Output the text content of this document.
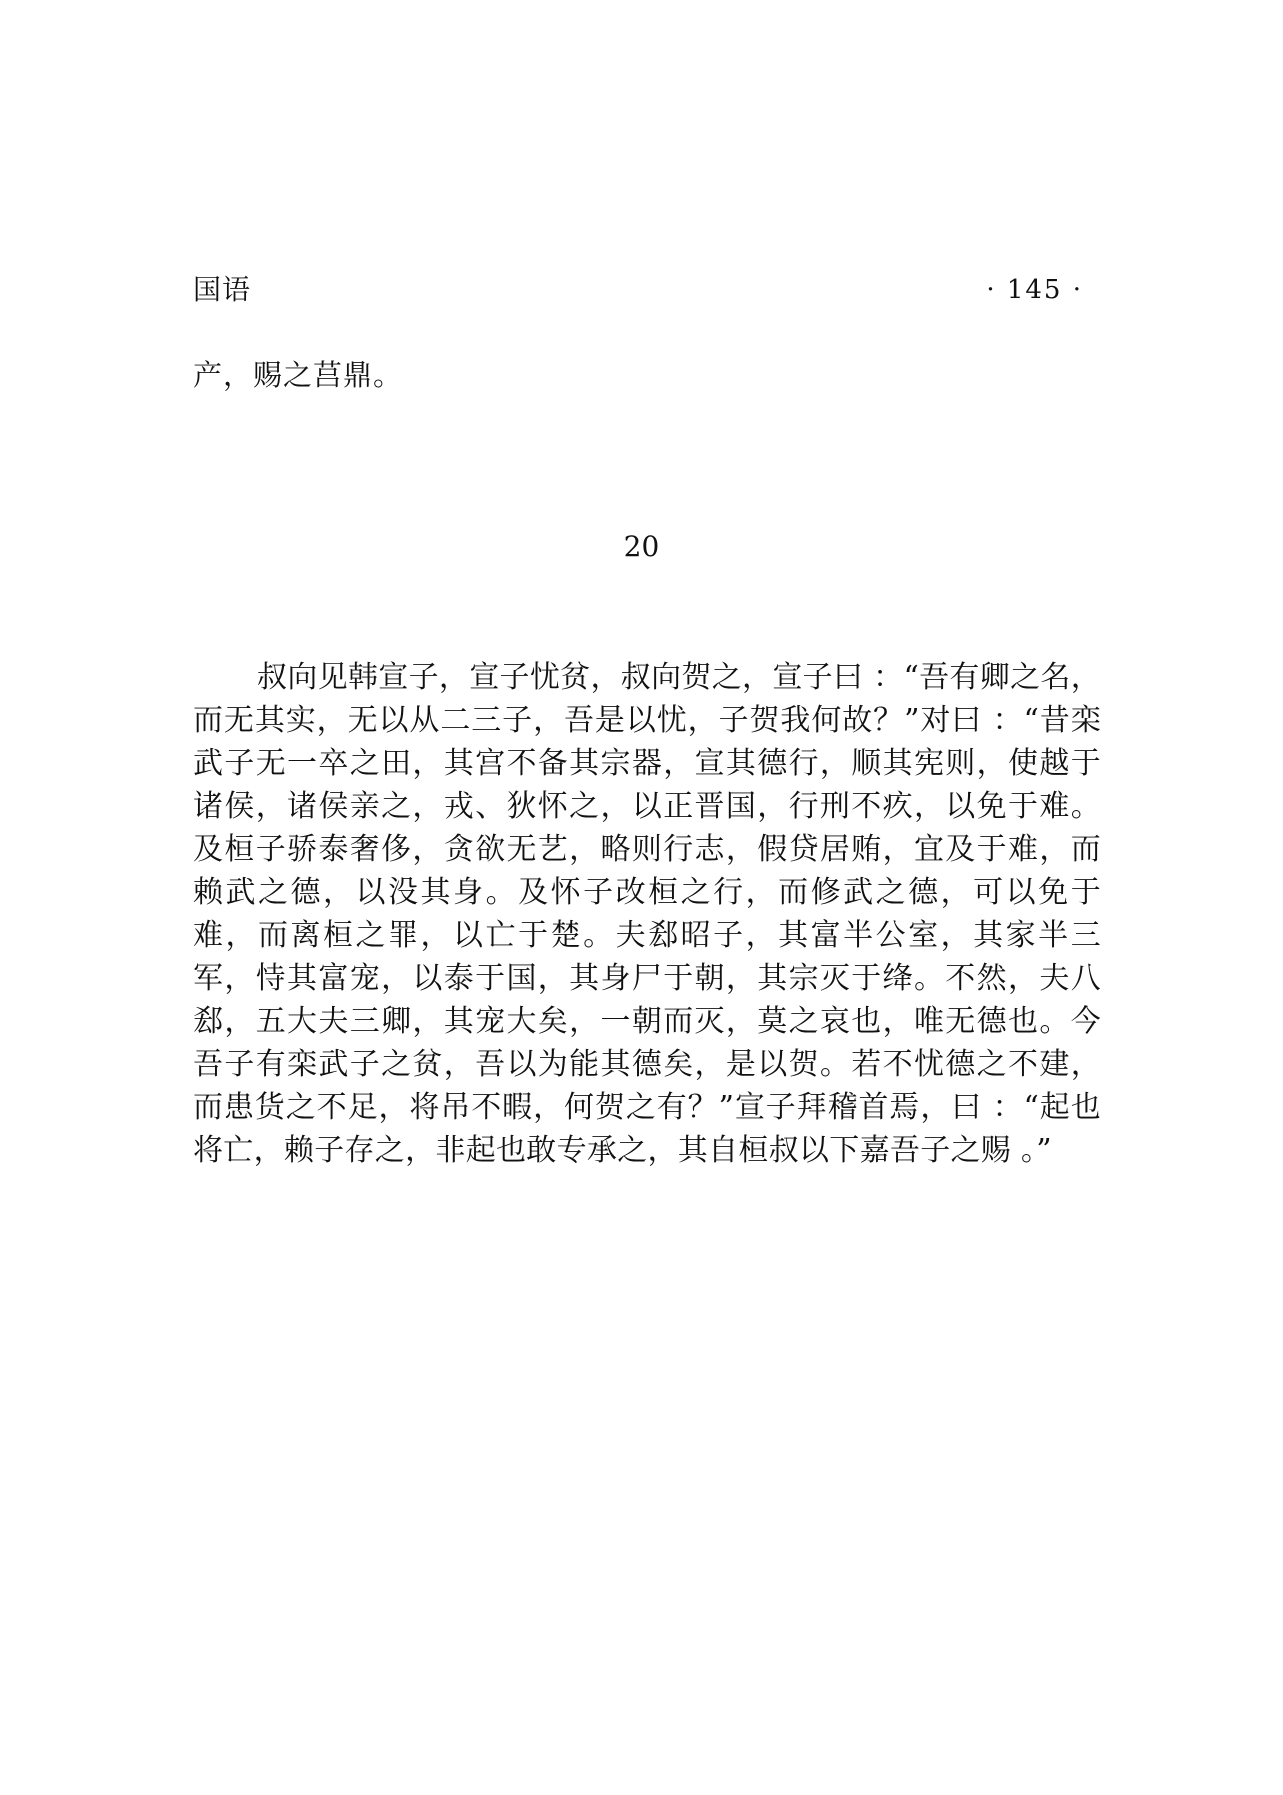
国语	· 145 ·
产，赐之莒鼎。
20

叔向见韩宣子，宣子忧贫，叔向贺之，宣子曰 ：“吾有卿之名，而无其实，无以从二三子，吾是以忧，子贺我何故？”对曰 ：“昔栾武子无一卒之田，其宫不备其宗器，宣其德行，顺其宪则，使越于诸侯，诸侯亲之，戎、狄怀之，以正晋国，行刑不疚，以免于难。及桓子骄泰奢侈，贪欲无艺，略则行志，假贷居贿，宜及于难，而赖武之德，以没其身。及怀子改桓之行，而修武之德，可以免于难，而离桓之罪，以亡于楚。夫郄昭子，其富半公室，其家半三军，恃其富宠，以泰于国，其身尸于朝，其宗灭于绛。不然，夫八郄，五大夫三卿，其宠大矣，一朝而灭，莫之哀也，唯无德也。今吾子有栾武子之贫，吾以为能其德矣，是以贺。若不忧德之不建，而患货之不足，将吊不暇，何贺之有？”宣子拜稽首焉，曰 ：“起也将亡，赖子存之，非起也敢专承之，其自桓叔以下嘉吾子之赐 。”
